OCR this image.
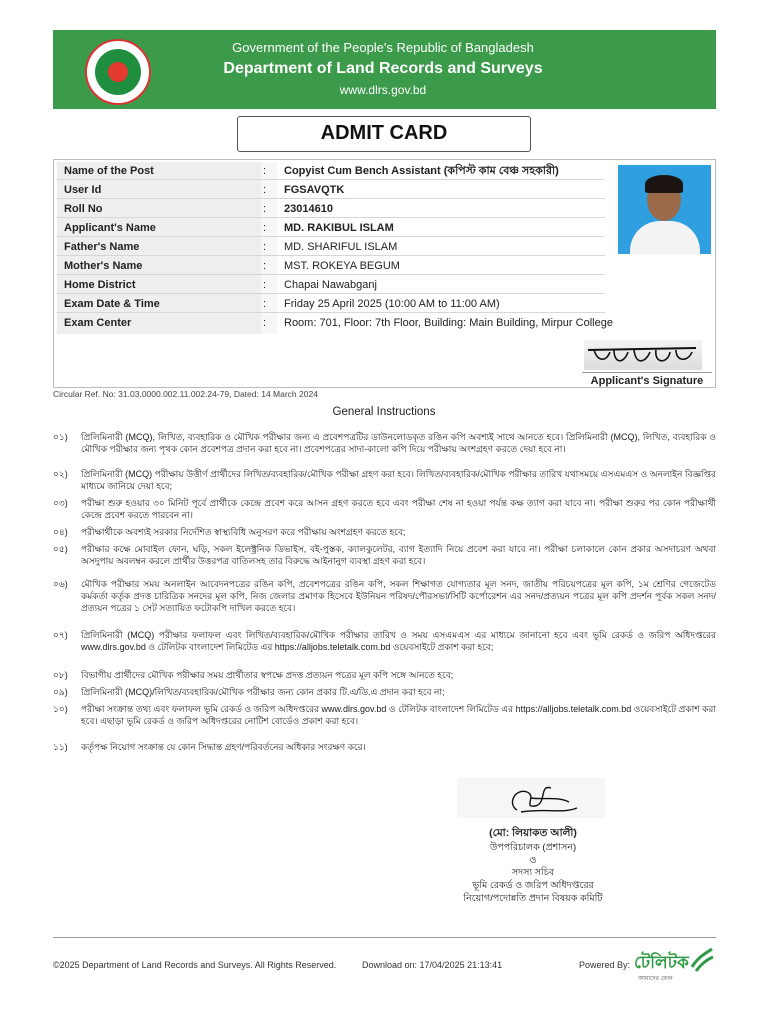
Government of the People's Republic of Bangladesh
Department of Land Records and Surveys
www.dlrs.gov.bd
ADMIT CARD
Name of the Post	: Copyist Cum Bench Assistant (কপিস্ট কাম বেঞ্চ সহকারী)
User Id	: FGSAVQTK
Roll No	: 23014610
Applicant's Name	: MD. RAKIBUL ISLAM
Father's Name	: MD. SHARIFUL ISLAM
Mother's Name	: MST. ROKEYA BEGUM
Home District	: Chapai Nawabganj
Exam Date & Time	: Friday 25 April 2025 (10:00 AM to 11:00 AM)
Exam Center	: Room: 701, Floor: 7th Floor, Building: Main Building, Mirpur College
Applicant's Signature
Circular Ref. No: 31.03.0000.002.11.002.24-79, Dated: 14 March 2024
General Instructions
০১) প্রিলিমিনারী (MCQ), লিখিত, ব্যবহারিক ও মৌখিক পরীক্ষার জন্য এ প্রবেশপত্রটির ডাউনলোডকৃত রঙিন কপি অবশ্যই সাথে আনতে হবে। প্রিলিমিনারী (MCQ), লিখিত, ব্যবহারিক ও মৌখিক পরীক্ষার জন্য পৃথক কোন প্রবেশপত্র প্রদান করা হবে না। প্রবেশপত্রের সাদা-কালো কপি দিয়ে পরীক্ষায় অংশগ্রহণ করতে দেয়া হবে না।
০২) প্রিলিমিনারী (MCQ) পরীক্ষায় উত্তীর্ণ প্রার্থীদের লিখিত/ব্যবহারিক/মৌখিক পরীক্ষা গ্রহণ করা হবে। লিখিত/ব্যবহারিক/মৌখিক পরীক্ষার তারিখ যথাসময়ে এসএমএস ও অনলাইন বিজ্ঞপ্তির মাধ্যমে জানিয়ে দেয়া হবে;
০৩) পরীক্ষা শুরু হওয়ার ৩০ মিনিট পূর্বে প্রার্থীকে কেন্দ্রে প্রবেশ করে আসন গ্রহণ করতে হবে এবং পরীক্ষা শেষ না হওয়া পর্যন্ত কক্ষ ত্যাগ করা যাবে না। পরীক্ষা শুরুর পর কোন পরীক্ষার্থী কেন্দ্রে প্রবেশ করতে পারবেন না।
০৪) পরীক্ষার্থীকে অবশ্যই সরকার নির্দেশিত স্বাস্থ্যবিধি অনুসরণ করে পরীক্ষায় অংশগ্রহণ করতে হবে;
০৫) পরীক্ষার কক্ষে মোবাইল ফোন, ঘড়ি, সকল ইলেক্ট্রনিক ডিভাইস, বই-পুস্তক, ক্যালকুলেটর, ব্যাগ ইত্যাদি নিয়ে প্রবেশ করা যাবে না। পরীক্ষা চলাকালে কোন প্রকার অসদাচরণ অথবা অসদুপায় অবলম্বন করলে প্রার্থীর উত্তরপত্র বাতিলসহ তার বিরুদ্ধে আইনানুগ ব্যবস্থা গ্রহণ করা হবে।
০৬) মৌখিক পরীক্ষার সময় অনলাইন আবেদনপত্রের রঙিন কপি, প্রবেশপত্রের রঙিন কপি, সকল শিক্ষাগত যোগ্যতার মূল সনদ, জাতীয় পরিচয়পত্রের মূল কপি, ১ম শ্রেণির গেজেটেড কর্মকর্তা কর্তৃক প্রদত্ত চারিত্রিক সনদের মূল কপি, নিজ জেলার প্রমাণক হিসেবে ইউনিয়ন পরিষদ/পৌরসভা/সিটি কর্পোরেশন এর সনদ/প্রত্যয়ন পত্রের মূল কপি প্রদর্শন পূর্বক সকল সনদ/প্রত্যয়ন পত্রের ১ সেট সত্যায়িত ফটোকপি দাখিল করতে হবে।
০৭) প্রিলিমিনারী (MCQ) পরীক্ষার ফলাফল এবং লিখিত/ব্যবহারিক/মৌখিক পরীক্ষার তারিখ ও সময় এসএমএস এর মাধ্যমে জানানো হবে এবং ভূমি রেকর্ড ও জরিপ অধিদপ্তরের www.dlrs.gov.bd ও টেলিটক বাংলাদেশ লিমিটেড এর https://alljobs.teletalk.com.bd ওয়েবসাইটে প্রকাশ করা হবে;
০৮) বিভাগীয় প্রার্থীদের মৌখিক পরীক্ষার সময় প্রার্থীতার স্বপক্ষে প্রদত্ত প্রত্যয়ন পত্রের মূল কপি সঙ্গে আনতে হবে;
০৯) প্রিলিমিনারী (MCQ)/লিখিত/ব্যবহারিক/মৌখিক পরীক্ষার জন্য কোন প্রকার টি.এ/ডি.এ প্রদান করা হবে না;
১০) পরীক্ষা সংক্রান্ত তথ্য এবং ফলাফল ভূমি রেকর্ড ও জরিপ অধিদপ্তরের www.dlrs.gov.bd ও টেলিটক বাংলাদেশ লিমিটেড এর https://alljobs.teletalk.com.bd ওয়েবসাইটে প্রকাশ করা হবে। এছাড়া ভূমি রেকর্ড ও জরিপ অধিদপ্তরের নোটিশ বোর্ডেও প্রকাশ করা হবে।
১১) কর্তৃপক্ষ নিয়োগ সংক্রান্ত যে কোন সিদ্ধান্ত গ্রহণ/পরিবর্তনের অধিকার সংরক্ষণ করে।
(মো: লিয়াকত আলী)
উপপরিচালক (প্রশাসন)
ও
সদস্য সচিব
ভূমি রেকর্ড ও জরিপ অধিদপ্তরের
নিয়োগ/পদোন্নতি প্রদান বিষয়ক কমিটি
©2025 Department of Land Records and Surveys. All Rights Reserved.	Download on: 17/04/2025 21:13:41	Powered By: টেলিটক
আমাদের ফোন
